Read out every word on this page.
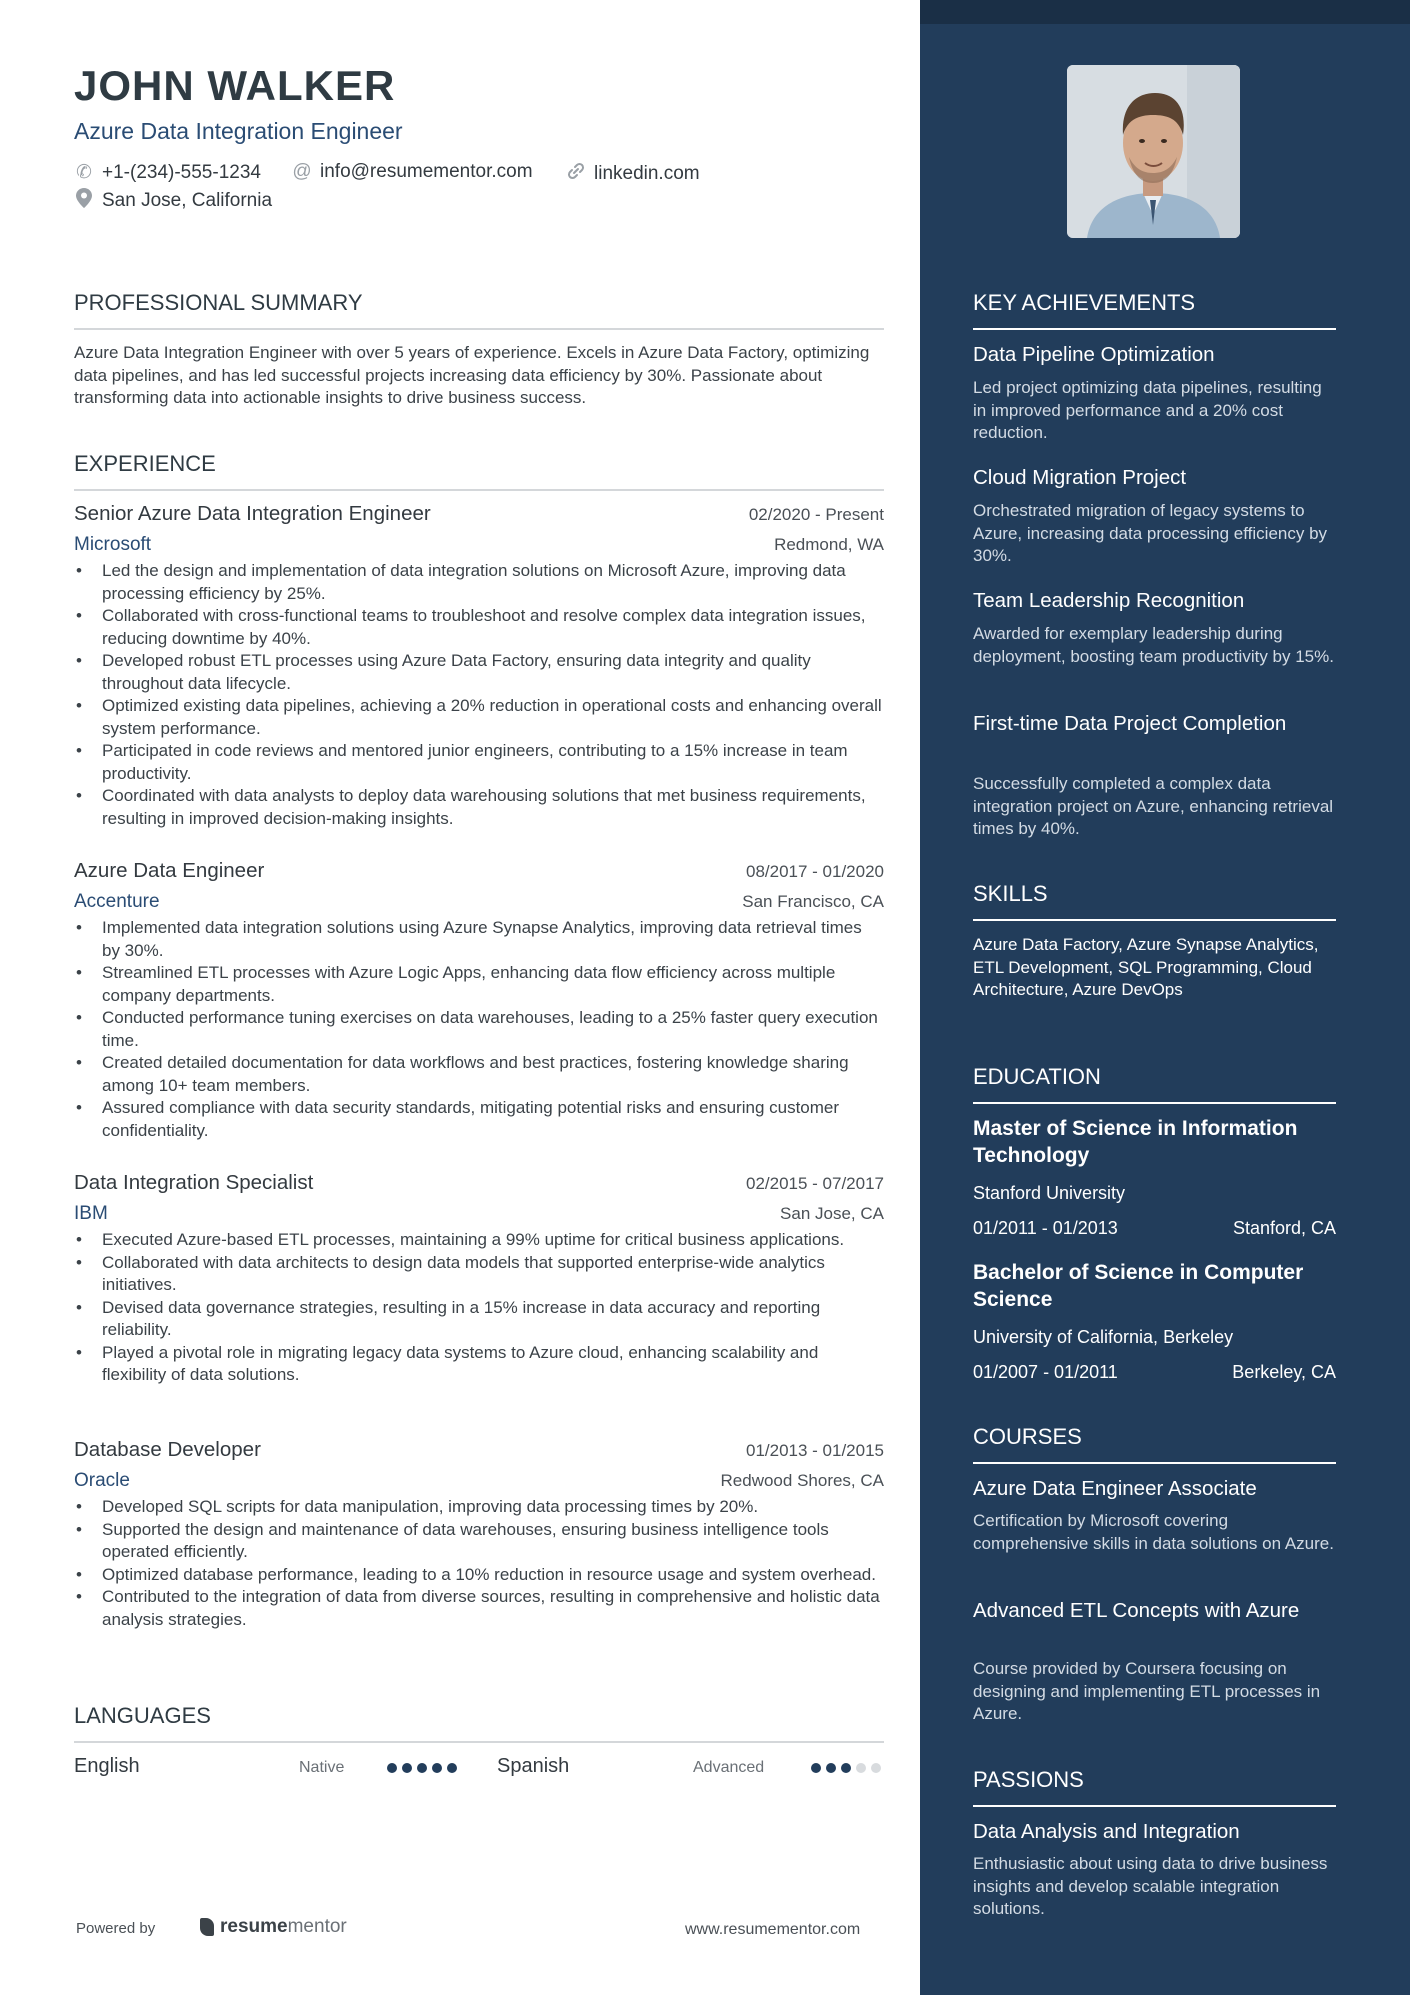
JOHN WALKER
Azure Data Integration Engineer
✆ +1-(234)-555-1234 @ info@resumementor.com	linkedin.com
San Jose, California
PROFESSIONAL SUMMARY

Azure Data Integration Engineer with over 5 years of experience. Excels in Azure Data Factory, optimizing data pipelines, and has led successful projects increasing data efficiency by 30%. Passionate about transforming data into actionable insights to drive business success.

EXPERIENCE
Senior Azure Data Integration Engineer	02/2020 - Present
Microsoft	Redmond, WA
• Led the design and implementation of data integration solutions on Microsoft Azure, improving data processing efficiency by 25%.
• Collaborated with cross-functional teams to troubleshoot and resolve complex data integration issues, reducing downtime by 40%.
• Developed robust ETL processes using Azure Data Factory, ensuring data integrity and quality throughout data lifecycle.
• Optimized existing data pipelines, achieving a 20% reduction in operational costs and enhancing overall system performance.
• Participated in code reviews and mentored junior engineers, contributing to a 15% increase in team productivity.
• Coordinated with data analysts to deploy data warehousing solutions that met business requirements, resulting in improved decision-making insights.
Azure Data Engineer	08/2017 - 01/2020
Accenture	San Francisco, CA
• Implemented data integration solutions using Azure Synapse Analytics, improving data retrieval times by 30%.
• Streamlined ETL processes with Azure Logic Apps, enhancing data flow efficiency across multiple company departments.
• Conducted performance tuning exercises on data warehouses, leading to a 25% faster query execution time.
• Created detailed documentation for data workflows and best practices, fostering knowledge sharing among 10+ team members.
• Assured compliance with data security standards, mitigating potential risks and ensuring customer confidentiality.
Data Integration Specialist	02/2015 - 07/2017
IBM	San Jose, CA
• Executed Azure-based ETL processes, maintaining a 99% uptime for critical business applications.
• Collaborated with data architects to design data models that supported enterprise-wide analytics initiatives.
• Devised data governance strategies, resulting in a 15% increase in data accuracy and reporting reliability.
• Played a pivotal role in migrating legacy data systems to Azure cloud, enhancing scalability and flexibility of data solutions.
Database Developer	01/2013 - 01/2015
Oracle	Redwood Shores, CA
• Developed SQL scripts for data manipulation, improving data processing times by 20%.
• Supported the design and maintenance of data warehouses, ensuring business intelligence tools operated efficiently.
• Optimized database performance, leading to a 10% reduction in resource usage and system overhead.
• Contributed to the integration of data from diverse sources, resulting in comprehensive and holistic data analysis strategies.
LANGUAGES
English	Native	Spanish	Advanced
Powered by	resume mentor	www.resumementor.com
KEY ACHIEVEMENTS
Data Pipeline Optimization

Led project optimizing data pipelines, resulting in improved performance and a 20% cost reduction.

Cloud Migration Project

Orchestrated migration of legacy systems to Azure, increasing data processing efficiency by 30%.

Team Leadership Recognition

Awarded for exemplary leadership during deployment, boosting team productivity by 15%.

First-time Data Project Completion

Successfully completed a complex data integration project on Azure, enhancing retrieval times by 40%.

SKILLS

Azure Data Factory, Azure Synapse Analytics, ETL Development, SQL Programming, Cloud Architecture, Azure DevOps

EDUCATION
Master of Science in Information Technology
Stanford University
01/2011 - 01/2013	Stanford, CA
Bachelor of Science in Computer Science
University of California, Berkeley
01/2007 - 01/2011	Berkeley, CA
COURSES
Azure Data Engineer Associate

Certification by Microsoft covering comprehensive skills in data solutions on Azure.

Advanced ETL Concepts with Azure

Course provided by Coursera focusing on designing and implementing ETL processes in Azure.

PASSIONS
Data Analysis and Integration

Enthusiastic about using data to drive business insights and develop scalable integration solutions.
